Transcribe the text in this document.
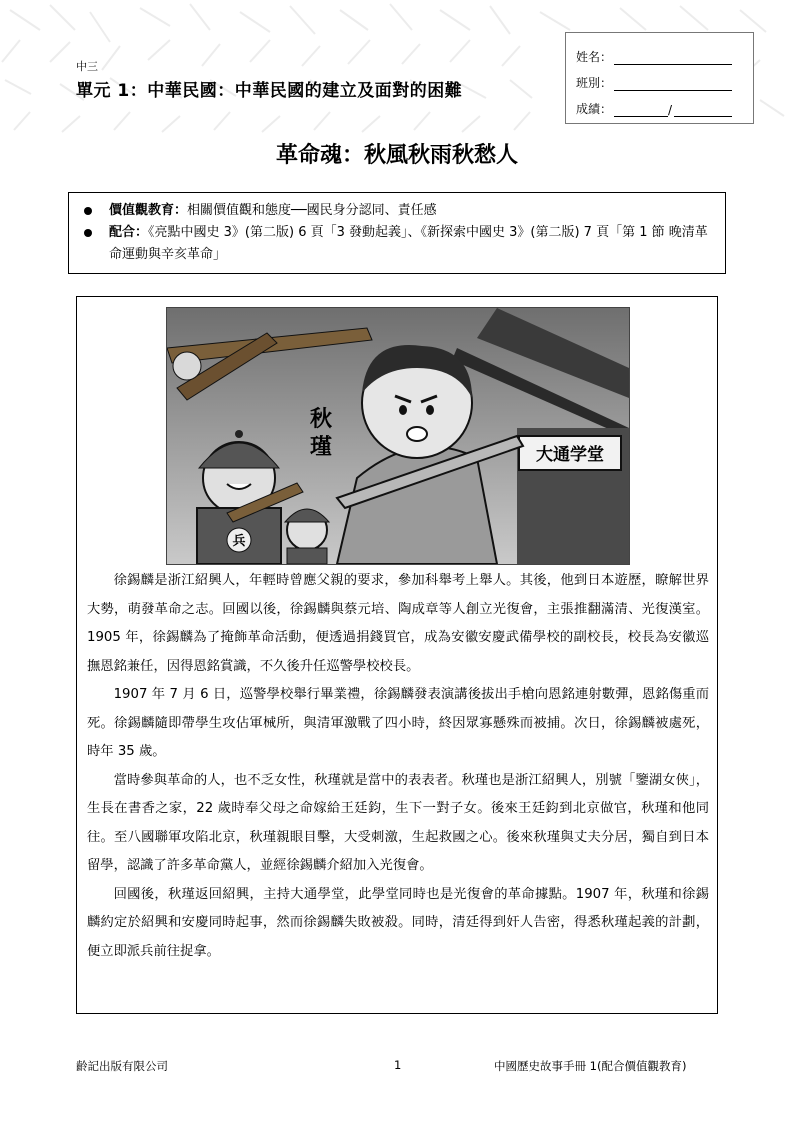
中三
單元 1：中華民國：中華民國的建立及面對的困難
姓名：
班別：
成績：	/
革命魂：秋風秋雨秋愁人
價值觀教育：相關價值觀和態度──國民身分認同、責任感
配合：《亮點中國史 3》(第二版) 6 頁「3 發動起義」、《新探索中國史 3》(第二版) 7 頁「第 1 節 晚清革命運動與辛亥革命」
大通学堂
秋
瑾
兵

徐錫麟是浙江紹興人，年輕時曾應父親的要求，參加科舉考上舉人。其後，他到日本遊歷，瞭解世界大勢，萌發革命之志。回國以後，徐錫麟與蔡元培、陶成章等人創立光復會，主張推翻滿清、光復漢室。1905 年，徐錫麟為了掩飾革命活動，便透過捐錢買官，成為安徽安慶武備學校的副校長，校長為安徽巡撫恩銘兼任，因得恩銘賞識，不久後升任巡警學校校長。

1907 年 7 月 6 日，巡警學校舉行畢業禮，徐錫麟發表演講後拔出手槍向恩銘連射數彈，恩銘傷重而死。徐錫麟隨即帶學生攻佔軍械所，與清軍激戰了四小時，終因眾寡懸殊而被捕。次日，徐錫麟被處死，時年 35 歲。

當時參與革命的人，也不乏女性，秋瑾就是當中的表表者。秋瑾也是浙江紹興人，別號「鑒湖女俠」，生長在書香之家，22 歲時奉父母之命嫁給王廷鈞，生下一對子女。後來王廷鈞到北京做官，秋瑾和他同往。至八國聯軍攻陷北京，秋瑾親眼目擊，大受刺激，生起救國之心。後來秋瑾與丈夫分居，獨自到日本留學，認識了許多革命黨人，並經徐錫麟介紹加入光復會。

回國後，秋瑾返回紹興，主持大通學堂，此學堂同時也是光復會的革命據點。1907 年，秋瑾和徐錫麟約定於紹興和安慶同時起事，然而徐錫麟失敗被殺。同時，清廷得到奸人告密，得悉秋瑾起義的計劃，便立即派兵前往捉拿。

齡記出版有限公司	1	中國歷史故事手冊 1(配合價值觀教育)
